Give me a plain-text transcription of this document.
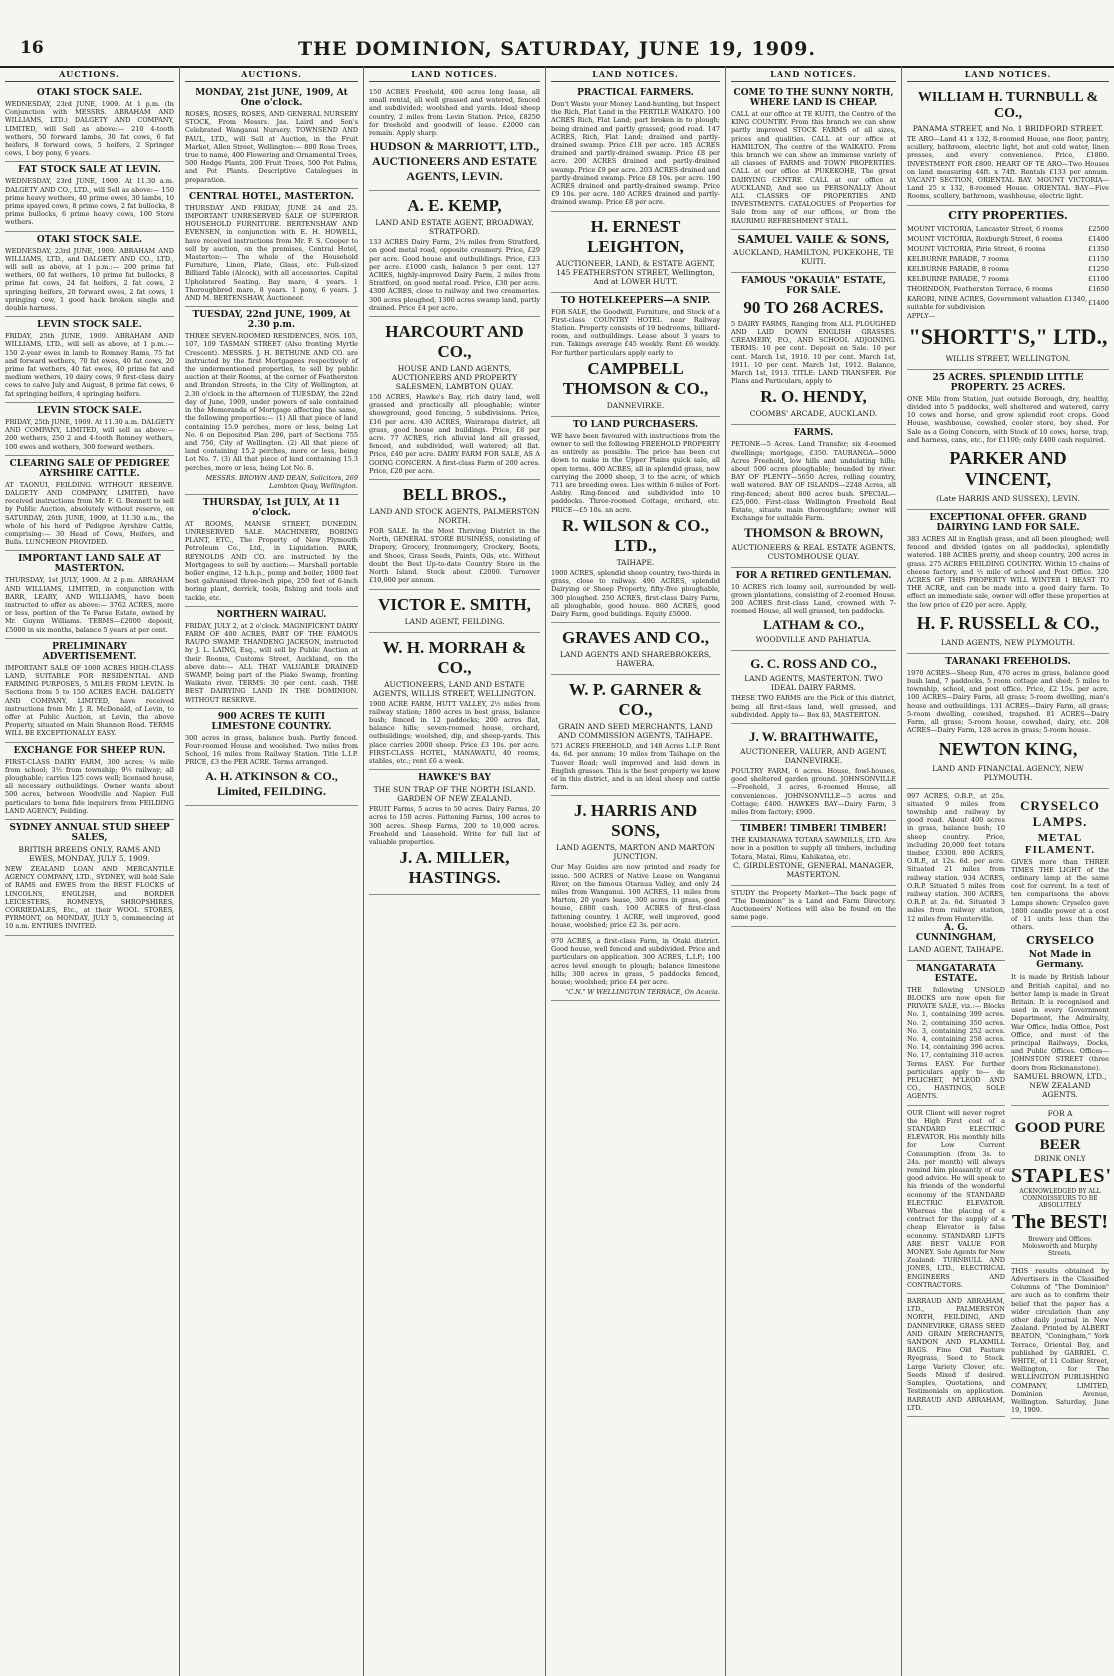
16	THE DOMINION, SATURDAY, JUNE 19, 1909.
AUCTIONS.
OTAKI STOCK SALE.
WEDNESDAY, 23rd JUNE, 1909. At 1 p.m. (In Conjunction with MESSRS. ABRAHAM AND WILLIAMS, LTD.) DALGETY AND COMPANY, LIMITED, will Sell as above:— 210 4-tooth wethers, 50 forward lambs, 30 fat cows, 6 fat heifers, 8 forward cows, 5 heifers, 2 Springer cows, 1 boy pony, 6 years.
FAT STOCK SALE AT LEVIN.
WEDNESDAY, 23rd JUNE, 1909. At 11.30 a.m. DALGETY AND CO., LTD., will Sell as above:— 150 prime heavy wethers, 40 prime ewes, 30 lambs, 10 prime spayed cows, 8 prime cows, 2 fat bullocks, 8 prime bullocks, 6 prime heavy cows, 100 Store wethers.
OTAKI STOCK SALE.
WEDNESDAY, 23rd JUNE, 1909. ABRAHAM AND WILLIAMS, LTD., and DALGETY AND CO., LTD., will sell as above, at 1 p.m.:— 200 prime fat wethers, 60 fat wethers, 10 prime fat bullocks, 8 prime fat cows, 24 fat heifers, 2 fat cows, 2 springing heifers, 20 forward ewes, 2 fat cows, 1 springing cow, 1 good hack broken single and double harness.
LEVIN STOCK SALE.
FRIDAY, 25th JUNE, 1909. ABRAHAM AND WILLIAMS, LTD., will sell as above, at 1 p.m.:— 150 2-year ewes in lamb to Romney Rams, 75 fat and forward wethers, 70 fat ewes, 40 fat cows, 20 prime fat wethers, 40 fat ewes, 40 prime fat and medium wethers, 10 dairy cows, 9 first-class dairy cows to calve July and August, 8 prime fat cows, 6 fat springing heifers, 4 springing heifers.
LEVIN STOCK SALE.
FRIDAY, 25th JUNE, 1909. At 11.30 a.m. DALGETY AND COMPANY, LIMITED, will sell as above:— 200 wethers, 250 2 and 4-tooth Romney wethers, 100 ewes and wethers, 300 forward wethers.
CLEARING SALE OF PEDIGREE AYRSHIRE CATTLE.
AT TAONUI, FEILDING. WITHOUT RESERVE. DALGETY AND COMPANY, LIMITED, have received instructions from Mr. F. G. Bennett to sell by Public Auction, absolutely without reserve, on SATURDAY, 26th JUNE, 1909, at 11.30 a.m., the whole of his herd of Pedigree Ayrshire Cattle, comprising:— 30 Head of Cows, Heifers, and Bulls. LUNCHEON PROVIDED.
IMPORTANT LAND SALE AT MASTERTON.
THURSDAY, 1st JULY, 1909. At 2 p.m. ABRAHAM AND WILLIAMS, LIMITED, in conjunction with BARR, LEARY, AND WILLIAMS, have been instructed to offer as above:— 3762 ACRES, more or less, portion of the Te Parae Estate, owned by Mr. Guynn Williams. TERMS—£2000 deposit, £5000 in six months, balance 5 years at per cent.
PRELIMINARY ADVERTISEMENT.
IMPORTANT SALE OF 1000 ACRES HIGH-CLASS LAND, SUITABLE FOR RESIDENTIAL AND FARMING PURPOSES, 5 MILES FROM LEVIN. In Sections from 5 to 150 ACRES EACH. DALGETY AND COMPANY, LIMITED, have received instructions from Mr. J. R. McDonald, of Levin, to offer at Public Auction, at Levin, the above Property, situated on Main Shannon Road. TERMS WILL BE EXCEPTIONALLY EASY.
EXCHANGE FOR SHEEP RUN.
FIRST-CLASS DAIRY FARM, 300 acres; ¼ mile from school; 3½ from township; 9½ railway; all ploughable; carries 125 cows well; licensed house, all necessary outbuildings. Owner wants about 500 acres, between Woodville and Napier. Full particulars to bona fide inquirers from FEILDING LAND AGENCY, Feilding.
SYDNEY ANNUAL STUD SHEEP SALES,
BRITISH BREEDS ONLY, RAMS AND EWES, MONDAY, JULY 5, 1909.
NEW ZEALAND LOAN AND MERCANTILE AGENCY COMPANY, LTD., SYDNEY, will hold Sale of RAMS and EWES from the BEST FLOCKS of LINCOLNS, ENGLISH, and BORDER LEICESTERS, ROMNEYS, SHROPSHIRES, CORRIEDALES, Etc., at their WOOL STORES, PYRMONT, on MONDAY, JULY 5, commencing at 10 a.m. ENTRIES INVITED.
AUCTIONS.
MONDAY, 21st JUNE, 1909, At One o'clock.
ROSES, ROSES, ROSES, AND GENERAL NURSERY STOCK, From Messrs. Jas. Laird and Son's Celebrated Wanganui Nursery. TOWNSEND AND PAUL, LTD., will Sell at Auction, in the Fruit Market, Allen Street, Wellington:— 800 Rose Trees, true to name, 400 Flowering and Ornamental Trees, 500 Hedge Plants, 200 Fruit Trees, 500 Pot Palms, and Pot Plants. Descriptive Catalogues in preparation.
CENTRAL HOTEL, MASTERTON.
THURSDAY AND FRIDAY, JUNE 24 and 25. IMPORTANT UNRESERVED SALE OF SUPERIOR HOUSEHOLD FURNITURE. BERTENSHAW AND EVENSEN, in conjunction with E. H. HOWELL, have received instructions from Mr. F. S. Cooper to sell by auction, on the premises, Central Hotel, Masterton:— The whole of the Household Furniture, Linen, Plate, Glass, etc. Full-sized Billiard Table (Alcock), with all accessories. Capital Upholstered Seating. Bay mare, 4 years. 1 Thoroughbred mare, 8 years. 1 pony, 6 years. J. AND M. BERTENSHAW, Auctioneer.
TUESDAY, 22nd JUNE, 1909, At 2.30 p.m.
THREE SEVEN-ROOMED RESIDENCES, NOS. 105, 107, 109 TASMAN STREET (Also fronting Myrtle Crescent). MESSRS. J. H. BETHUNE AND CO. are instructed by the first Mortgagees respectively of the undermentioned properties, to sell by public auction at their Rooms, at the corner of Featherston and Brandon Streets, in the City of Wellington, at 2.30 o'clock in the afternoon of TUESDAY, the 22nd day of June, 1909, under powers of sale contained in the Memoranda of Mortgage affecting the same, the following properties:— (1) All that piece of land containing 15.9 perches, more or less, being Lot No. 6 on Deposited Plan 296, part of Sections 755 and 756, City of Wellington. (2) All that piece of land containing 15.2 perches, more or less, being Lot No. 7. (3) All that piece of land containing 15.3 perches, more or less, being Lot No. 8.
MESSRS. BROWN AND DEAN, Solicitors, 269 Lambton Quay, Wellington.
THURSDAY, 1st JULY, At 11 o'clock.
AT ROOMS, MANSE STREET, DUNEDIN. UNRESERVED SALE. MACHINERY, BORING PLANT, ETC., The Property of New Plymouth Petroleum Co., Ltd., in Liquidation. PARK, REYNOLDS AND CO. are instructed by the Mortgagees to sell by auction:— Marshall portable boiler engine, 12 h.h.p., pump and boiler, 1000 feet best galvanised three-inch pipe, 250 feet of 6-inch boring plant, derrick, tools, fishing and tools and tackle, etc.
NORTHERN WAIRAU.
FRIDAY, JULY 2, at 2 o'clock. MAGNIFICENT DAIRY FARM OF 400 ACRES, PART OF THE FAMOUS RAUPO SWAMP. THANDENG JACKSON, instructed by J. L. LAING, Esq., will sell by Public Auction at their Rooms, Customs Street, Auckland, on the above date:— ALL THAT VALUABLE DRAINED SWAMP, being part of the Piako Swamp, fronting Waikato river. TERMS: 30 per cent. cash. THE BEST DAIRYING LAND IN THE DOMINION. WITHOUT RESERVE.
900 ACRES TE KUITI LIMESTONE COUNTRY.
300 acres in grass, balance bush. Partly fenced. Four-roomed House and woolshed. Two miles from School, 16 miles from Railway Station. Title L.I.P. PRICE, £3 the PER ACRE. Terms arranged.
A. H. ATKINSON & CO., Limited, FEILDING.
LAND NOTICES.
150 ACRES Freehold, 400 acres long lease, all small rental, all well grassed and watered, fenced and subdivided; woolshed and yards. Ideal sheep country, 2 miles from Levin Station. Price, £8250 for freehold and goodwill of lease. £2000 can remain. Apply sharp.
HUDSON & MARRIOTT, LTD., AUCTIONEERS AND ESTATE AGENTS, LEVIN.
A. E. KEMP,
LAND AND ESTATE AGENT, BROADWAY, STRATFORD.
133 ACRES Dairy Farm, 2¼ miles from Stratford, on good metal road, opposite creamery. Price, £29 per acre. Good house and outbuildings. Price, £23 per acre. £1000 cash, balance 5 per cent. 127 ACRES, highly-improved Dairy Farm, 2 miles from Stratford, on good metal road. Price, £30 per acre. 4300 ACRES, close to railway and two creameries. 300 acres ploughed, 1300 acres swamp land, partly drained. Price £4 per acre.
HARCOURT AND CO.,
HOUSE AND LAND AGENTS, AUCTIONEERS AND PROPERTY SALESMEN, LAMBTON QUAY.
150 ACRES, Hawke's Bay, rich dairy land, well grassed and practically all ploughable; winter showground, good fencing, 5 subdivisions. Price, £16 per acre. 430 ACRES, Wairarapa district, all grass, good house and buildings. Price, £8 per acre. 77 ACRES, rich alluvial land all grassed, fenced, and subdivided, well watered; all flat. Price, £40 per acre. DAIRY FARM FOR SALE, AS A GOING CONCERN. A first-class Farm of 200 acres. Price, £20 per acre.
BELL BROS.,
LAND AND STOCK AGENTS, PALMERSTON NORTH.
FOR SALE. In the Most Thriving District in the North, GENERAL STORE BUSINESS, consisting of Drapery, Grocery, Ironmongery, Crockery, Boots, and Shoes, Grass Seeds, Paints, Oils, etc. Without doubt the Best Up-to-date Country Store in the North Island. Stock about £2000. Turnover £10,000 per annum.
VICTOR E. SMITH,
LAND AGENT, FEILDING.
W. H. MORRAH & CO.,
AUCTIONEERS, LAND AND ESTATE AGENTS, WILLIS STREET, WELLINGTON.
1900 ACRE FARM, HUTT VALLEY, 2½ miles from railway station; 1800 acres in best grass, balance bush; fenced in 12 paddocks; 200 acres flat, balance hills; seven-roomed house, orchard, outbuildings; woolshed, dip, and sheep-yards. This place carries 2000 sheep. Price £3 10s. per acre. FIRST-CLASS HOTEL, MANAWATU, 40 rooms, stables, etc.; rent £6 a week.
HAWKE'S BAY
THE SUN TRAP OF THE NORTH ISLAND. GARDEN OF NEW ZEALAND.
FRUIT Farms, 5 acres to 50 acres. Dairy Farms, 20 acres to 150 acres. Fattening Farms, 100 acres to 300 acres. Sheep Farms, 200 to 10,000 acres. Freehold and Leasehold. Write for full list of valuable properties.
J. A. MILLER, HASTINGS.
LAND NOTICES.
PRACTICAL FARMERS.
Don't Waste your Money Land-hunting, but Inspect the Rich, Flat Land in the FERTILE WAIKATO. 100 ACRES Rich, Flat Land; part broken in to plough; being drained and partly grassed; good road. 147 ACRES, Rich, Flat Land; drained and partly-drained swamp. Price £18 per acre. 185 ACRES drained and partly-drained swamp. Price £8 per acre. 200 ACRES drained and partly-drained swamp. Price £9 per acre. 203 ACRES drained and partly-drained swamp. Price £8 10s. per acre. 190 ACRES drained and partly-drained swamp. Price £9 10s. per acre. 180 ACRES drained and partly-drained swamp. Price £8 per acre.
H. ERNEST LEIGHTON,
AUCTIONEER, LAND, & ESTATE AGENT, 145 FEATHERSTON STREET, Wellington, And at LOWER HUTT.
TO HOTELKEEPERS—A SNIP.
FOR SALE, the Goodwill, Furniture, and Stock of a First-class COUNTRY HOTEL near Railway Station. Property consists of 19 bedrooms, billiard-room, and outbuildings. Lease about 3 years to run. Takings average £45 weekly. Rent £6 weekly. For further particulars apply early to
CAMPBELL THOMSON & CO.,
DANNEVIRKE.
TO LAND PURCHASERS.
WE have been favoured with instructions from the owner to sell the following FREEHOLD PROPERTY as entirely as possible. The price has been cut down to make in the Upper Plains quick sale, all open terms. 400 ACRES, all in splendid grass, now carrying the 2000 sheep, 3 to the acre, of which 711 are breeding ewes. Lies within 6 miles of Fort-Ashby. Ring-fenced and subdivided into 10 paddocks. Three-roomed Cottage, orchard, etc. PRICE—£5 10s. an acre.
R. WILSON & CO., LTD.,
TAIHAPE.
1900 ACRES, splendid sheep country, two-thirds in grass, close to railway. 490 ACRES, splendid Dairying or Sheep Property, fifty-five ploughable, 300 ploughed. 250 ACRES, first-class Dairy Farm, all ploughable, good house. 860 ACRES, good Dairy Farm, good buildings. Equity £5000.
GRAVES AND CO.,
LAND AGENTS AND SHAREBROKERS, HAWERA.
W. P. GARNER & CO.,
GRAIN AND SEED MERCHANTS, LAND AND COMMISSION AGENTS, TAIHAPE.
571 ACRES FREEHOLD, and 148 Acres L.I.P. Rent 4s. 6d. per annum; 10 miles from Taihape on the Tuover Road; well improved and laid down in English grasses. This is the best property we know of in this district, and is an ideal sheep and cattle farm.
J. HARRIS AND SONS,
LAND AGENTS, MARTON AND MARTON JUNCTION.
Our May Guides are now printed and ready for issue. 500 ACRES of Native Lease on Wanganui River, on the famous Otaraua Valley, and only 24 miles from Wanganui. 100 ACRES, 11 miles from Marton, 20 years lease, 300 acres in grass, good house, £800 cash. 100 ACRES of first-class fattening country. 1 ACRE, well improved, good house, woolshed; price £2 3s. per acre.
970 ACRES, a first-class Farm, in Otaki district. Good house, well fenced and subdivided. Price and particulars on application. 300 ACRES, L.I.P.; 100 acres level enough to plough; balance limestone hills; 300 acres in grass, 5 paddocks fenced, house; woolshed; price £4 per acre.
"C.N." W WELLINGTON TERRACE, On Acacia.
LAND NOTICES.
COME TO THE SUNNY NORTH, WHERE LAND IS CHEAP.
CALL at our office at TE KUITI, the Centre of the KING COUNTRY. From this branch we can show partly improved STOCK FARMS of all sizes, prices and qualities. CALL at our office at HAMILTON, The centre of the WAIKATO. From this branch we can show an immense variety of all classes of FARMS and TOWN PROPERTIES. CALL at our office at PUKEKOHE, The great DAIRYING CENTRE. CALL at our office at AUCKLAND, And see us PERSONALLY About ALL CLASSES OF PROPERTIES AND INVESTMENTS. CATALOGUES of Properties for Sale from any of our offices, or from the RAURIMU REFRESHMENT STALL.
SAMUEL VAILE & SONS,
AUCKLAND, HAMILTON, PUKEKOHE, TE KUITI.
FAMOUS "OKAUIA" ESTATE, FOR SALE.
90 TO 268 ACRES.
5 DAIRY FARMS, Ranging from ALL PLOUGHED AND LAID DOWN ENGLISH GRASSES. CREAMERY, P.O., AND SCHOOL ADJOINING. TERMS: 10 per cent. Deposit on Sale. 10 per cent. March 1st, 1910. 10 per cent. March 1st, 1911. 10 per cent. March 1st, 1912. Balance, March 1st, 1913. TITLE: LAND TRANSFER. For Plans and Particulars, apply to
R. O. HENDY,
COOMBS' ARCADE, AUCKLAND.
FARMS.
PETONE—5 Acres. Land Transfer; six 4-roomed dwellings; mortgage, £350. TAURANGA—5000 Acres Freehold, low hills and undulating hills; about 500 acres ploughable; bounded by river. BAY OF PLENTY—5650 Acres, rolling country, well watered. BAY OF ISLANDS—2248 Acres, all ring-fenced; about 800 acres bush. SPECIAL—£25,000. First-class Wellington Freehold Real Estate, situate main thoroughfare; owner will Exchange for suitable Farm.
THOMSON & BROWN,
AUCTIONEERS & REAL ESTATE AGENTS, CUSTOMHOUSE QUAY.
FOR A RETIRED GENTLEMAN.
10 ACRES rich loamy soil, surrounded by well-grown plantations, consisting of 2-roomed House. 200 ACRES first-class Land, crowned with 7-roomed House, all well grassed, ten paddocks.
LATHAM & CO.,
WOODVILLE AND PAHIATUA.
G. C. ROSS AND CO.,
LAND AGENTS, MASTERTON. TWO IDEAL DAIRY FARMS.
THESE TWO FARMS are the Pick of this district, being all first-class land, well grassed, and subdivided. Apply to— Box 83, MASTERTON.
J. W. BRAITHWAITE,
AUCTIONEER, VALUER, AND AGENT, DANNEVIRKE.
POULTRY FARM, 6 acres. House, fowl-houses, good sheltered garden ground. JOHNSONVILLE—Freehold, 3 acres, 6-roomed House, all conveniences. JOHNSONVILLE—5 acres and Cottage; £400. HAWKES BAY—Dairy Farm, 3 miles from factory; £900.
TIMBER! TIMBER! TIMBER!
THE KAIMANAWA TOTARA SAWMILLS, LTD. Are now in a position to supply all timbers, including Totara, Matai, Rimu, Kahikatea, etc.
C. GIRDLESTONE, GENERAL MANAGER, MASTERTON.
STUDY the Property Market—The back page of "The Dominion" is a Land and Farm Directory. Auctioneers' Notices will also be found on the same page.
LAND NOTICES.
WILLIAM H. TURNBULL & CO.,
PANAMA STREET, and No. 1 BRIDFORD STREET.
TE ARO—Land 41 x 132, 8-roomed House, one floor, pantry, scullery, bathroom, electric light, hot and cold water, linen presses, and every convenience. Price, £1800. INVESTMENT FOR £800. HEART OF TE ARO—Two Houses on land measuring 44ft. x 74ft. Rentals £133 per annum. VACANT SECTION, ORIENTAL BAY. MOUNT VICTORIA—Land 25 x 132, 8-roomed House. ORIENTAL BAY—Five Rooms, scullery, bathroom, washhouse, electric light.
CITY PROPERTIES.
MOUNT VICTORIA, Lancaster Street, 6 rooms	£2500
MOUNT VICTORIA, Roxburgh Street, 6 rooms	£1400
MOUNT VICTORIA, Pirie Street, 6 rooms	£1350
KELBURNE PARADE, 7 rooms	£1150
KELBURNE PARADE, 8 rooms	£1250
KELBURNE PARADE, 7 rooms	£1100
THORNDON, Featherston Terrace, 6 rooms	£1650
KARORI, NINE ACRES, Government valuation £1340, suitable for subdivision	£1400
APPLY—
"SHORTT'S," LTD.,
WILLIS STREET, WELLINGTON.
25 ACRES. SPLENDID LITTLE PROPERTY. 25 ACRES.
ONE Mile from Station, just outside Borough, dry, healthy, divided into 5 paddocks, well sheltered and watered, carry 10 cows and horse, and grow splendid root crops. Good House, washhouse, cowshed, cooler store, boy shed. For Sale as a Going Concern, with Stock of 10 cows, horse, trap, and harness, cans, etc., for £1100; only £400 cash required.
PARKER AND VINCENT,
(Late HARRIS AND SUSSEX), LEVIN.
EXCEPTIONAL OFFER. GRAND DAIRYING LAND FOR SALE.
383 ACRES All in English grass, and all been ploughed; well fenced and divided (gates on all paddocks), splendidly watered. 188 ACRES pretty, and sheep country, 200 acres in grass. 275 ACRES FEILDING COUNTRY. Within 15 chains of cheese factory, and ½ mile of school and Post Office. 320 ACRES OF THIS PROPERTY WILL WINTER 1 BEAST TO THE ACRE, and can be made into a good dairy farm. To effect an immediate sale, owner will offer these properties at the low price of £20 per acre. Apply,
H. F. RUSSELL & CO.,
LAND AGENTS, NEW PLYMOUTH.
TARANAKI FREEHOLDS.
1970 ACRES—Sheep Run, 470 acres in grass, balance good bush land, 7 paddocks, 5 room cottage and shed; 5 miles to township, school, and post office. Price, £2 15s. per acre. 100 ACRES—Dairy Farm, all grass; 5-room dwelling, man's house and outbuildings. 131 ACRES—Dairy Farm, all grass; 5-room dwelling, cowshed, trapshed. 81 ACRES—Dairy Farm, all grass; 5-room house, cowshed, dairy, etc. 208 ACRES—Dairy Farm, 128 acres in grass; 5-room house.
NEWTON KING,
LAND AND FINANCIAL AGENCY, NEW PLYMOUTH.
997 ACRES, O.B.P., at 25s. situated 9 miles from township and railway by good road. About 400 acres in grass, balance bush; 10 sheep country. Price, including 20,000 feet totara timber, £3300. 890 ACRES, O.R.P., at 12s. 6d. per acre. Situated 21 miles from railway station. 934 ACRES, O.R.P. Situated 5 miles from railway station. 300 ACRES, O.R.P. at 2s. 6d. Situated 3 miles from railway station, 12 miles from Hunterville.
A. G. CUNNINGHAM,
LAND AGENT, TAIHAPE.
MANGATARATA ESTATE.
THE following UNSOLD BLOCKS are now open for PRIVATE SALE, viz.:— Blocks No. 1, containing 399 acres. No. 2, containing 350 acres. No. 3, containing 252 acres. No. 4, containing 258 acres. No. 14, containing 396 acres. No. 17, containing 310 acres. Terms EASY. For further particulars apply to— de PELICHET, M'LEOD AND CO., HASTINGS, SOLE AGENTS.
OUR Client will never regret the High First cost of a STANDARD ELECTRIC ELEVATOR. His monthly bills for Low Current Consumption (from 3s. to 24s. per month) will always remind him pleasantly of our good advice. He will speak to his friends of the wonderful economy of the STANDARD ELECTRIC ELEVATOR. Whereas the placing of a contract for the supply of a cheap Elevator is false economy. STANDARD LIFTS ARE BEST VALUE FOR MONEY. Sole Agents for New Zealand: TURNBULL AND JONES, LTD., ELECTRICAL ENGINEERS AND CONTRACTORS.
BARRAUD AND ABRAHAM, LTD., PALMERSTON NORTH, FEILDING, AND DANNEVIRKE, GRASS SEED AND GRAIN MERCHANTS, SANDON AND FLAXMILL BAGS. Fine Old Pasture Ryegrass, Seed to Stock. Large Variety Clover, etc. Seeds Mixed if desired. Samples, Quotations, and Testimonials on application. BARRAUD AND ABRAHAM, LTD.
CRYSELCO LAMPS.
METAL FILAMENT.
GIVES more than THREE TIMES THE LIGHT of the ordinary lamp at the same cost for current. In a test of ten comparisons the above Lamps shown: Cryselco gave 1800 candle power at a cost of 11 units less than the others.
CRYSELCO
Not Made in Germany.
It is made by British labour and British capital, and no better lamp is made in Great Britain. It is recognised and used in every Government Department, the Admiralty, War Office, India Office, Post Office, and most of the principal Railways, Docks, and Public Offices. Offices—JOHNSTON STREET (three doors from Rickmanstone).
SAMUEL BROWN, LTD., NEW ZEALAND AGENTS.
FOR A
GOOD PURE BEER
DRINK ONLY
STAPLES'
ACKNOWLEDGED BY ALL CONNOISSEURS TO BE ABSOLUTELY
The BEST!
Brewery and Offices: Molesworth and Murphy Streets.
THIS results obtained by Advertisers in the Classified Columns of "The Dominion" are such as to confirm their belief that the paper has a wider circulation than any other daily journal in New Zealand. Printed by ALBERT BEATON, "Coningham," York Terrace, Oriental Bay, and published by GABRIEL C. WHITE, of 11 Collier Street, Wellington, for The WELLINGTON PUBLISHING COMPANY, LIMITED, Dominion Avenue, Wellington. Saturday, June 19, 1909.
